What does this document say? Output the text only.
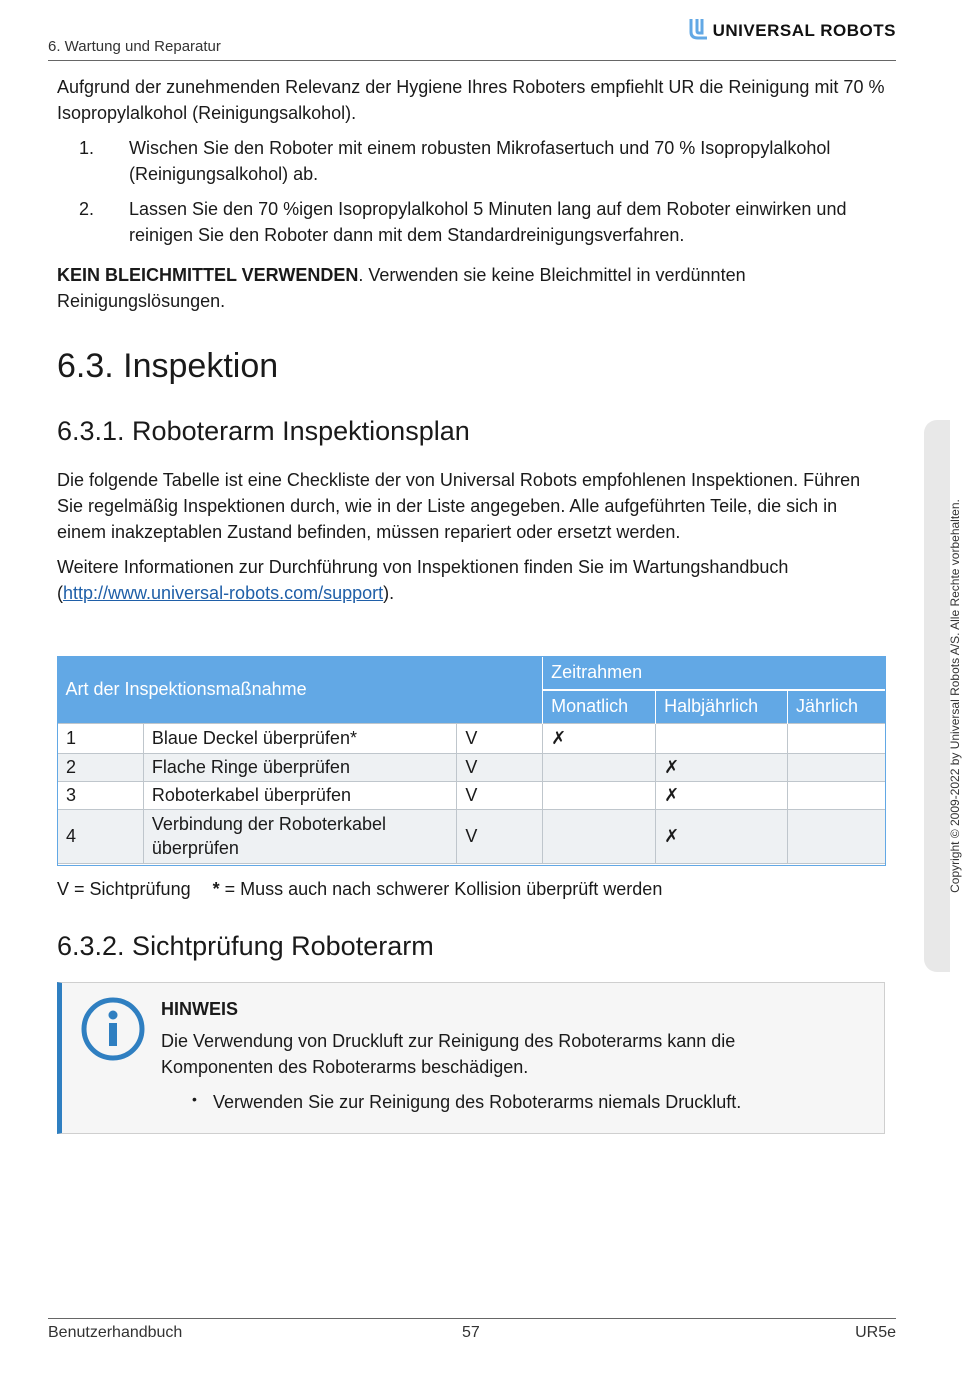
6. Wartung und Reparatur
UNIVERSAL ROBOTS

Aufgrund der zunehmenden Relevanz der Hygiene Ihres Roboters empfiehlt UR die Reinigung mit 70 % Isopropylalkohol (Reinigungsalkohol).

1. Wischen Sie den Roboter mit einem robusten Mikrofasertuch und 70 % Isopropylalkohol (Reinigungsalkohol) ab.
2. Lassen Sie den 70 %igen Isopropylalkohol 5 Minuten lang auf dem Roboter einwirken und reinigen Sie den Roboter dann mit dem Standardreinigungsverfahren.

KEIN BLEICHMITTEL VERWENDEN. Verwenden sie keine Bleichmittel in verdünnten Reinigungslösungen.

6.3. Inspektion
6.3.1. Roboterarm Inspektionsplan

Die folgende Tabelle ist eine Checkliste der von Universal Robots empfohlenen Inspektionen. Führen Sie regelmäßig Inspektionen durch, wie in der Liste angegeben. Alle aufgeführten Teile, die sich in einem inakzeptablen Zustand befinden, müssen repariert oder ersetzt werden.

Weitere Informationen zur Durchführung von Inspektionen finden Sie im Wartungshandbuch (http://www.universal-robots.com/support).

Art der Inspektionsmaßnahme			Zeitrahmen		
			Monatlich	Halbjährlich	Jährlich
1	Blaue Deckel überprüfen*	V	✗		
2	Flache Ringe überprüfen	V		✗	
3	Roboterkabel überprüfen	V		✗	
4	Verbindung der Roboterkabel überprüfen	V		✗	

V = Sichtprüfung * = Muss auch nach schwerer Kollision überprüft werden

6.3.2. Sichtprüfung Roboterarm
HINWEIS

Die Verwendung von Druckluft zur Reinigung des Roboterarms kann die Komponenten des Roboterarms beschädigen.

• Verwenden Sie zur Reinigung des Roboterarms niemals Druckluft.
Copyright © 2009-2022 by Universal Robots A/S. Alle Rechte vorbehalten.
Benutzerhandbuch	57	UR5e
